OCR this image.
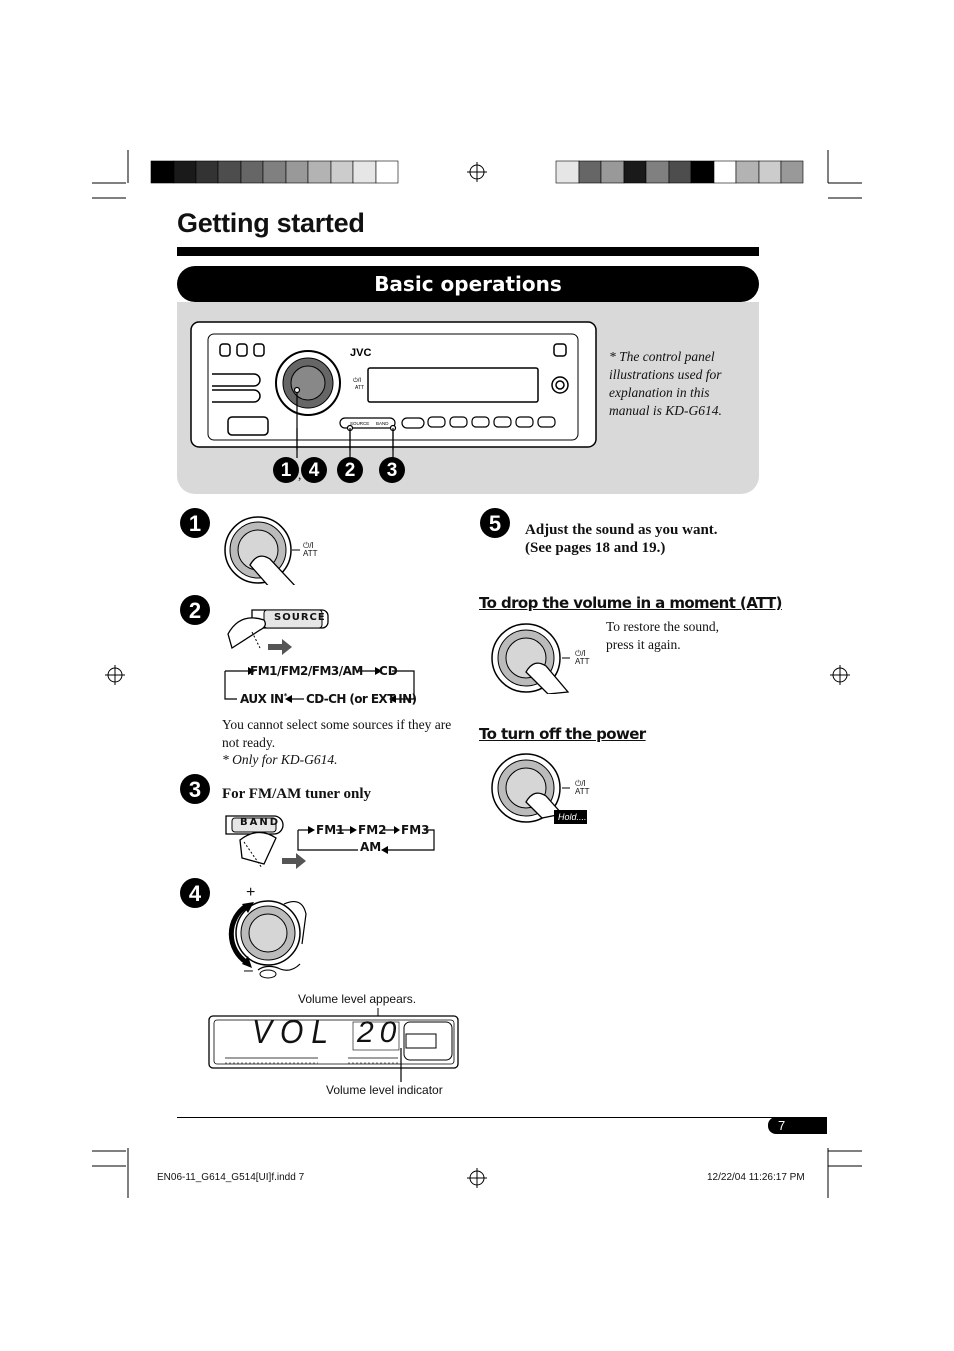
Getting started
Basic operations
JVC
⏻/I
ATT
SOURCE BAND
1 , 4	2	3
* The control panel illustrations used for explanation in this manual is KD-G614.
1
⏻/I
ATT
2	SOURCE
FM1/FM2/FM3/AM CD
AUX IN* CD-CH (or EXT IN)
You cannot select some sources if they are not ready.
* Only for KD-G614.
3	For FM/AM tuner only
BAND
FM1 FM2 FM3
AM
4	+
–
Volume level appears.
VOL 20
Volume level indicator
5	Adjust the sound as you want.
(See pages 18 and 19.)
To drop the volume in a moment (ATT)
⏻/I
ATT
To restore the sound, press it again.
To turn off the power
⏻/I
ATT
Hold....
7
EN06-11_G614_G514[UI]f.indd 7	12/22/04 11:26:17 PM
